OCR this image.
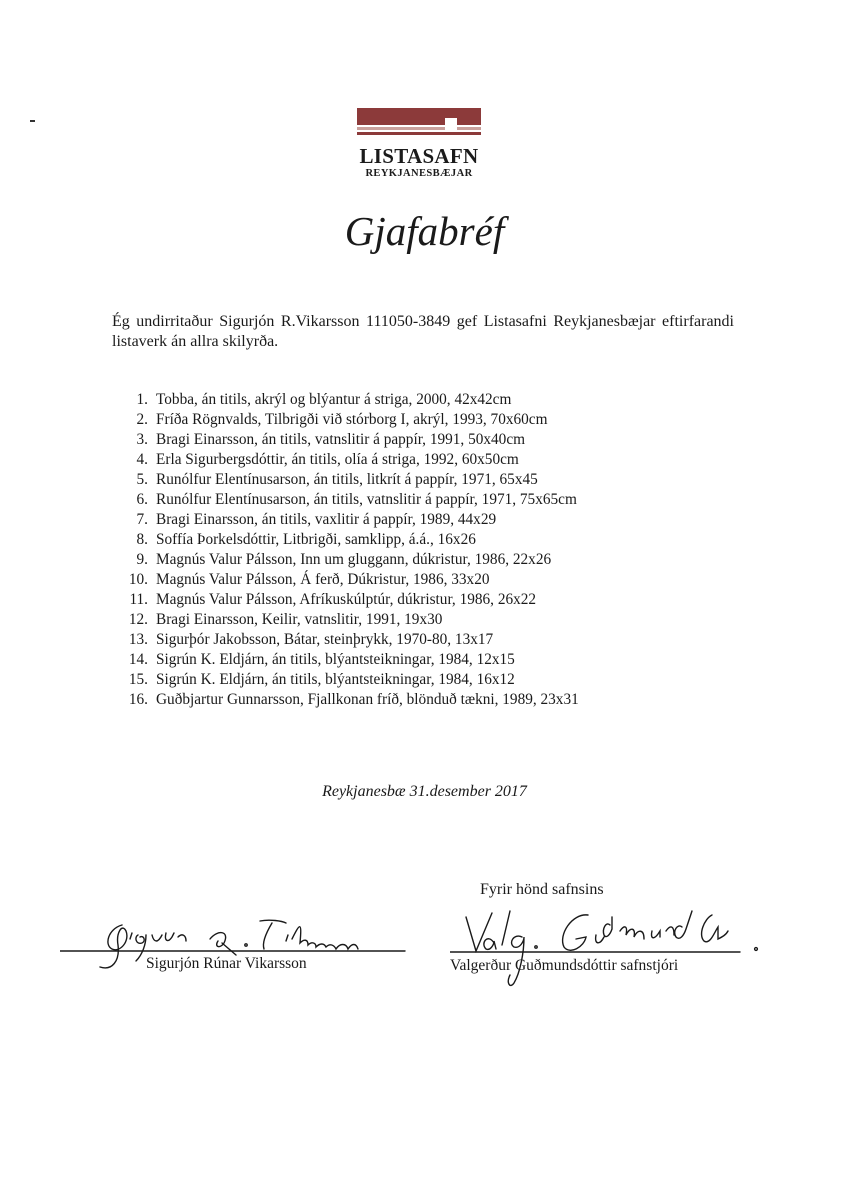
LISTASAFN
REYKJANESBÆJAR
Gjafabréf
Ég undirritaður Sigurjón R.Vikarsson 111050-3849 gef Listasafni Reykjanesbæjar eftirfarandi listaverk án allra skilyrða.
1. Tobba, án titils, akrýl og blýantur á striga, 2000, 42x42cm
2. Fríða Rögnvalds, Tilbrigði við stórborg I, akrýl, 1993, 70x60cm
3. Bragi Einarsson, án titils, vatnslitir á pappír, 1991, 50x40cm
4. Erla Sigurbergsdóttir, án titils, olía á striga, 1992, 60x50cm
5. Runólfur Elentínusarson, án titils, litkrít á pappír, 1971, 65x45
6. Runólfur Elentínusarson, án titils, vatnslitir á pappír, 1971, 75x65cm
7. Bragi Einarsson, án titils, vaxlitir á pappír, 1989, 44x29
8. Soffía Þorkelsdóttir, Litbrigði, samklipp, á.á., 16x26
9. Magnús Valur Pálsson, Inn um gluggann, dúkristur, 1986, 22x26
10. Magnús Valur Pálsson, Á ferð, Dúkristur, 1986, 33x20
11. Magnús Valur Pálsson, Afríkuskúlptúr, dúkristur, 1986, 26x22
12. Bragi Einarsson, Keilir, vatnslitir, 1991, 19x30
13. Sigurþór Jakobsson, Bátar, steinþrykk, 1970-80, 13x17
14. Sigrún K. Eldjárn, án titils, blýantsteikningar, 1984, 12x15
15. Sigrún K. Eldjárn, án titils, blýantsteikningar, 1984, 16x12
16. Guðbjartur Gunnarsson, Fjallkonan fríð, blönduð tækni, 1989, 23x31
Reykjanesbæ 31.desember 2017
Fyrir hönd safnsins
Sigurjón Rúnar Vikarsson	Valgerður Guðmundsdóttir safnstjóri
